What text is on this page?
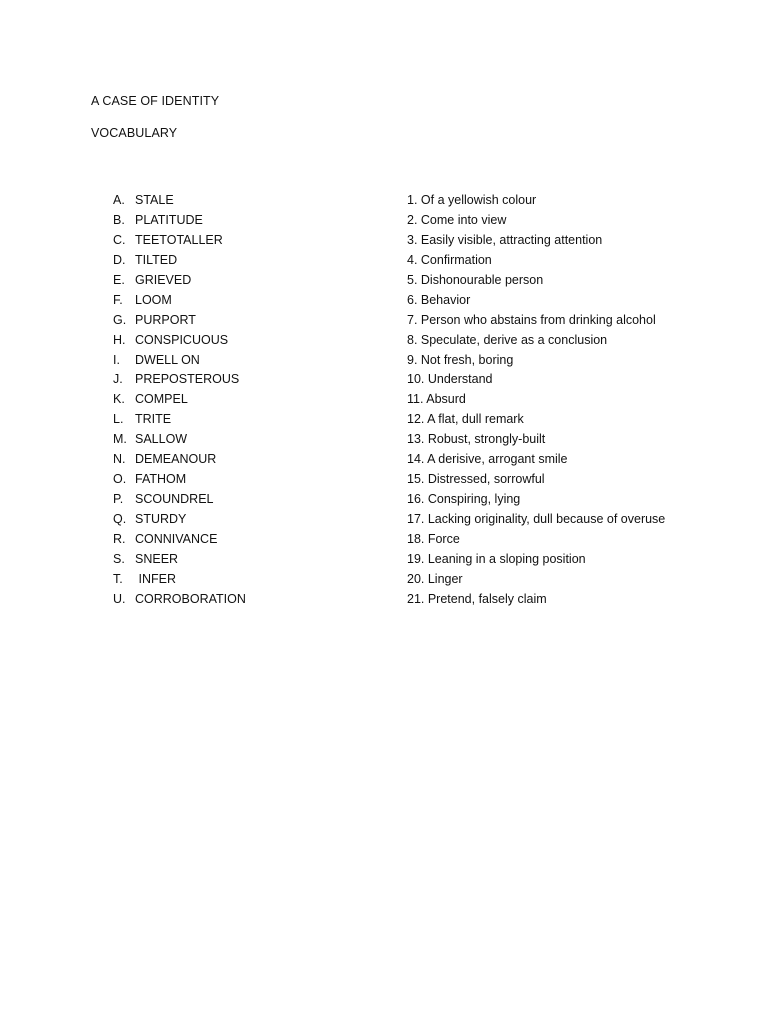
A CASE OF IDENTITY
VOCABULARY
A. STALE
B. PLATITUDE
C. TEETOTALLER
D. TILTED
E. GRIEVED
F. LOOM
G. PURPORT
H. CONSPICUOUS
I. DWELL ON
J. PREPOSTEROUS
K. COMPEL
L. TRITE
M. SALLOW
N. DEMEANOUR
O. FATHOM
P. SCOUNDREL
Q. STURDY
R. CONNIVANCE
S. SNEER
T. INFER
U. CORROBORATION
1. Of a yellowish colour
2. Come into view
3. Easily visible, attracting attention
4. Confirmation
5. Dishonourable person
6. Behavior
7. Person who abstains from drinking alcohol
8. Speculate, derive as a conclusion
9. Not fresh, boring
10. Understand
11. Absurd
12. A flat, dull remark
13. Robust, strongly-built
14. A derisive, arrogant smile
15. Distressed, sorrowful
16. Conspiring, lying
17. Lacking originality, dull because of overuse
18. Force
19. Leaning in a sloping position
20. Linger
21. Pretend, falsely claim
